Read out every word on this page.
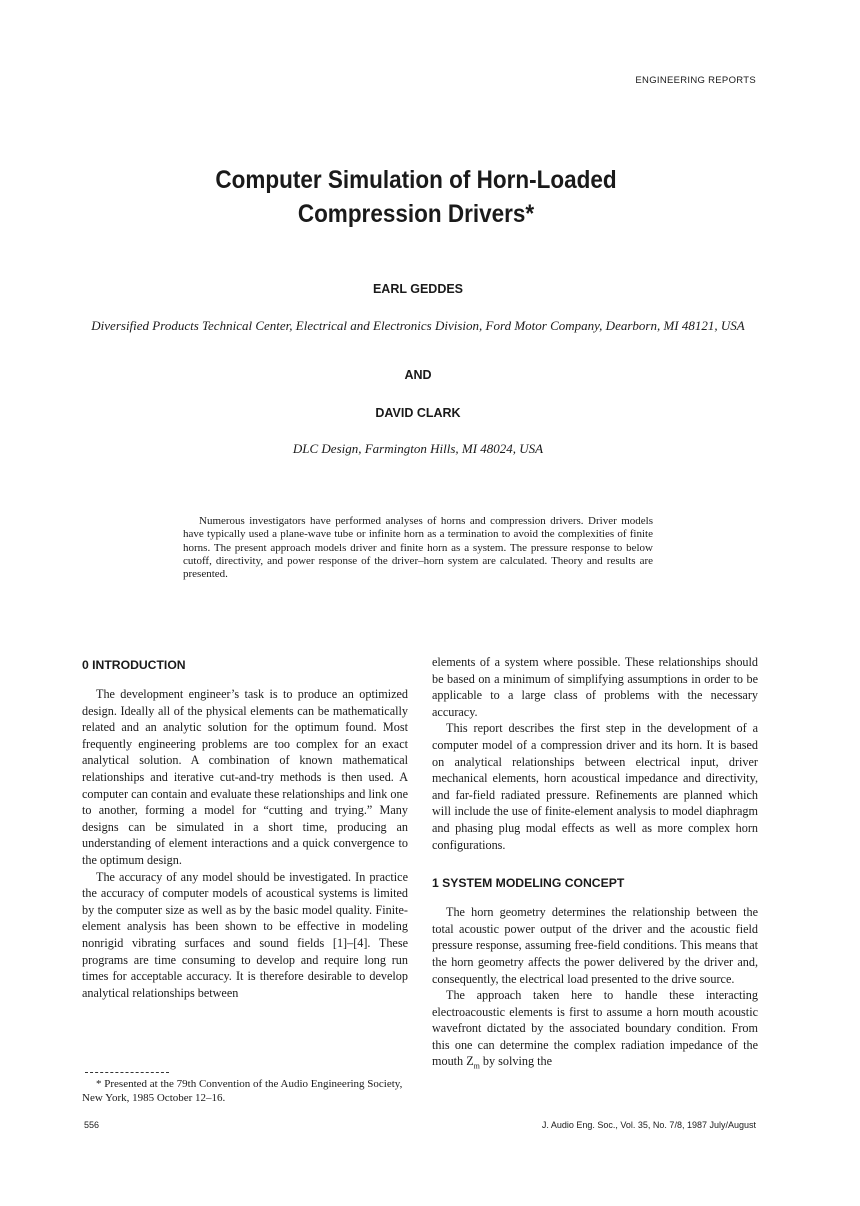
ENGINEERING REPORTS
Computer Simulation of Horn-Loaded
Compression Drivers*
EARL GEDDES
Diversified Products Technical Center, Electrical and Electronics Division, Ford Motor Company, Dearborn, MI 48121, USA
AND
DAVID CLARK
DLC Design, Farmington Hills, MI 48024, USA
Numerous investigators have performed analyses of horns and compression drivers. Driver models have typically used a plane-wave tube or infinite horn as a termination to avoid the complexities of finite horns. The present approach models driver and finite horn as a system. The pressure response to below cutoff, directivity, and power response of the driver–horn system are calculated. Theory and results are presented.
0 INTRODUCTION

The development engineer’s task is to produce an optimized design. Ideally all of the physical elements can be mathematically related and an analytic solution for the optimum found. Most frequently engineering problems are too complex for an exact analytical solution. A combination of known mathematical relationships and iterative cut-and-try methods is then used. A computer can contain and evaluate these relationships and link one to another, forming a model for “cutting and trying.” Many designs can be simulated in a short time, producing an understanding of element interactions and a quick convergence to the optimum design.

The accuracy of any model should be investigated. In practice the accuracy of computer models of acoustical systems is limited by the computer size as well as by the basic model quality. Finite-element analysis has been shown to be effective in modeling nonrigid vibrating surfaces and sound fields [1]–[4]. These programs are time consuming to develop and require long run times for acceptable accuracy. It is therefore desirable to develop analytical relationships between

elements of a system where possible. These relationships should be based on a minimum of simplifying assumptions in order to be applicable to a large class of problems with the necessary accuracy.

This report describes the first step in the development of a computer model of a compression driver and its horn. It is based on analytical relationships between electrical input, driver mechanical elements, horn acoustical impedance and directivity, and far-field radiated pressure. Refinements are planned which will include the use of finite-element analysis to model diaphragm and phasing plug modal effects as well as more complex horn configurations.

1 SYSTEM MODELING CONCEPT

The horn geometry determines the relationship between the total acoustic power output of the driver and the acoustic field pressure response, assuming free-field conditions. This means that the horn geometry affects the power delivered by the driver and, consequently, the electrical load presented to the drive source.

The approach taken here to handle these interacting electroacoustic elements is first to assume a horn mouth acoustic wavefront dictated by the associated boundary condition. From this one can determine the complex radiation impedance of the mouth $Z_m$ by solving the

* Presented at the 79th Convention of the Audio Engineering Society, New York, 1985 October 12–16.
556	J. Audio Eng. Soc., Vol. 35, No. 7/8, 1987 July/August
